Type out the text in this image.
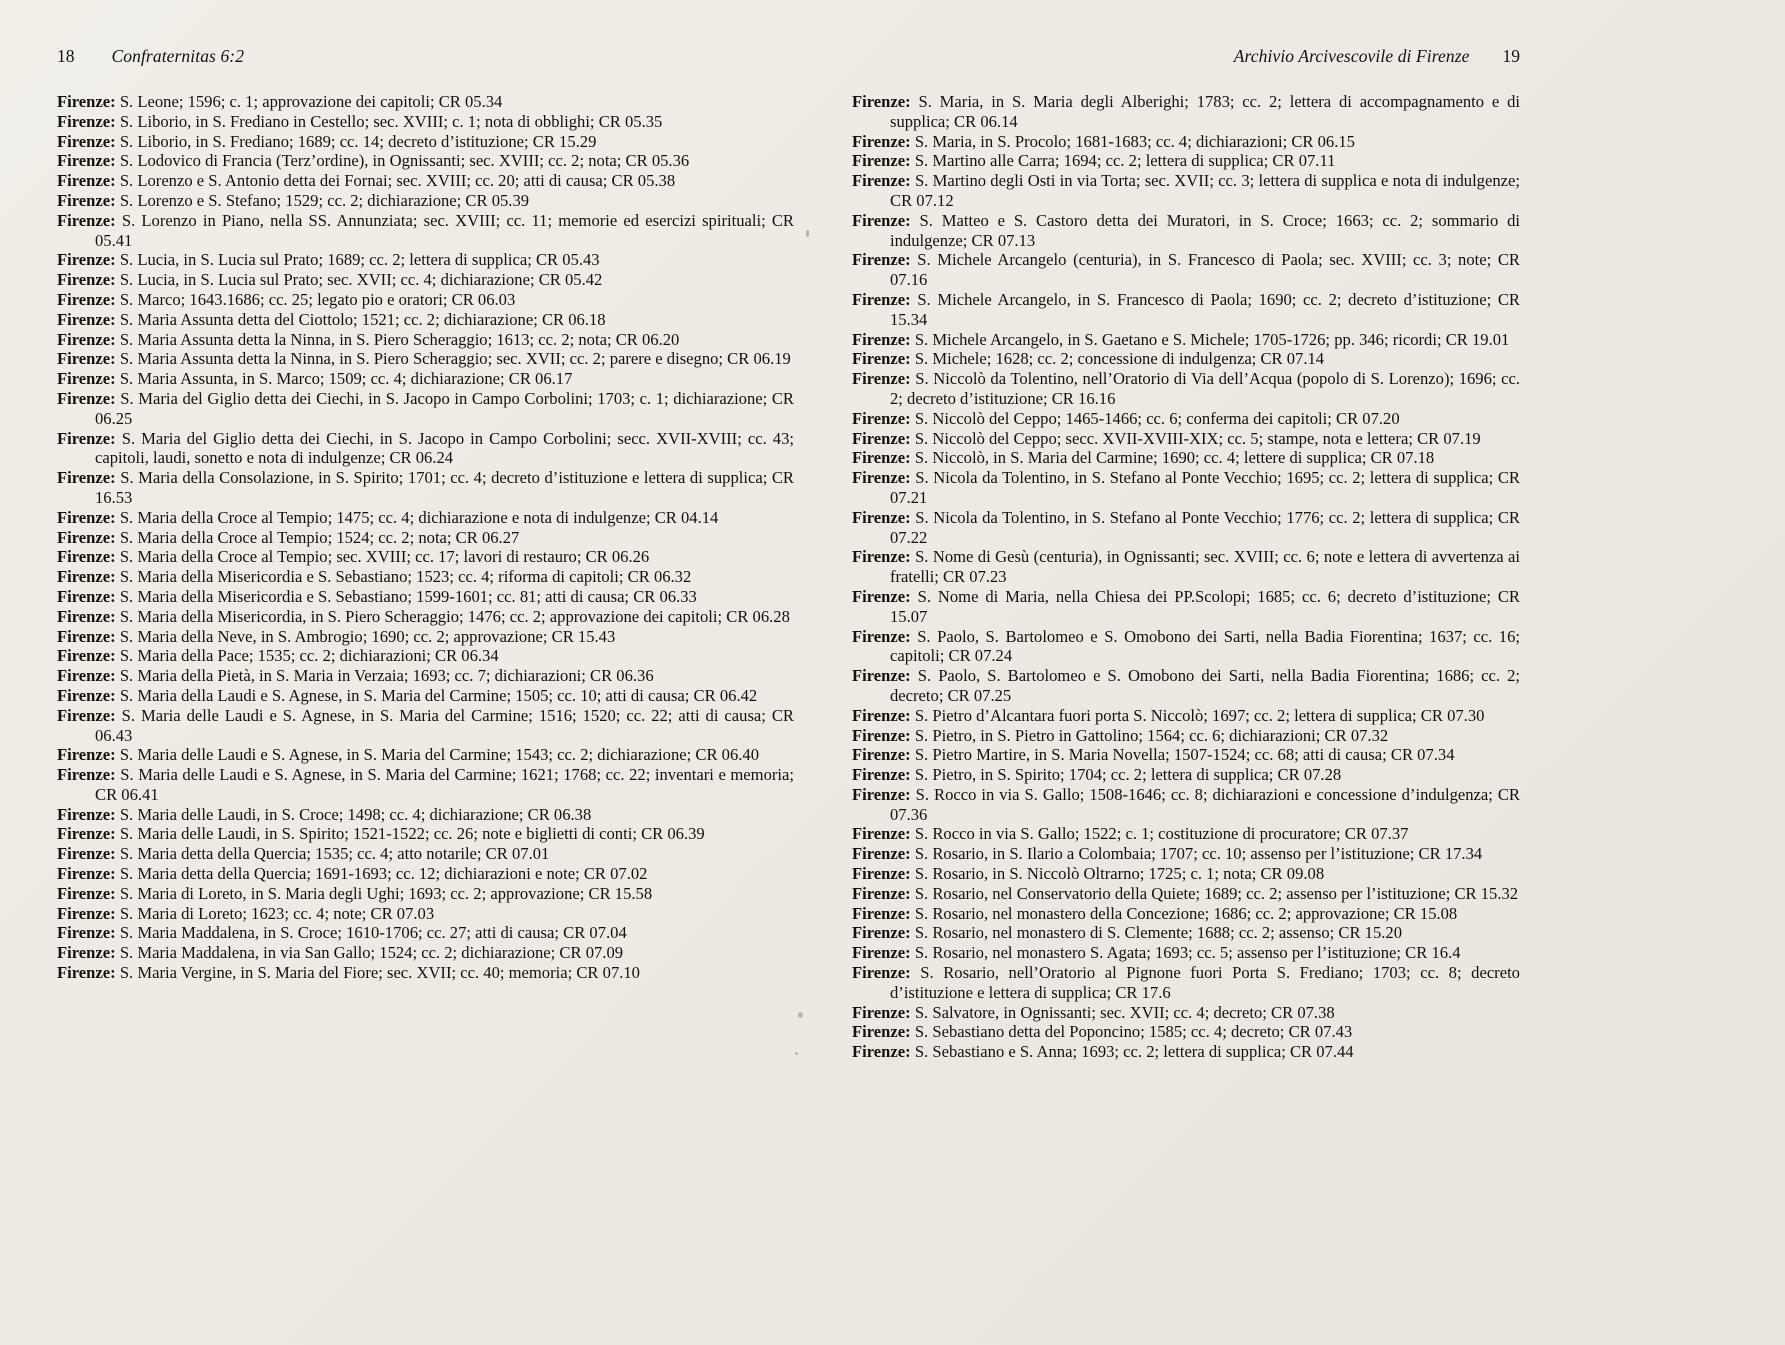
18 Confraternitas 6:2

Firenze: S. Leone; 1596; c. 1; approvazione dei capitoli; CR 05.34

Firenze: S. Liborio, in S. Frediano in Cestello; sec. XVIII; c. 1; nota di obblighi; CR 05.35

Firenze: S. Liborio, in S. Frediano; 1689; cc. 14; decreto d’istituzione; CR 15.29

Firenze: S. Lodovico di Francia (Terz’ordine), in Ognissanti; sec. XVIII; cc. 2; nota; CR 05.36

Firenze: S. Lorenzo e S. Antonio detta dei Fornai; sec. XVIII; cc. 20; atti di causa; CR 05.38

Firenze: S. Lorenzo e S. Stefano; 1529; cc. 2; dichiarazione; CR 05.39

Firenze: S. Lorenzo in Piano, nella SS. Annunziata; sec. XVIII; cc. 11; memorie ed esercizi spirituali; CR 05.41

Firenze: S. Lucia, in S. Lucia sul Prato; 1689; cc. 2; lettera di supplica; CR 05.43

Firenze: S. Lucia, in S. Lucia sul Prato; sec. XVII; cc. 4; dichiarazione; CR 05.42

Firenze: S. Marco; 1643.1686; cc. 25; legato pio e oratori; CR 06.03

Firenze: S. Maria Assunta detta del Ciottolo; 1521; cc. 2; dichiarazione; CR 06.18

Firenze: S. Maria Assunta detta la Ninna, in S. Piero Scheraggio; 1613; cc. 2; nota; CR 06.20

Firenze: S. Maria Assunta detta la Ninna, in S. Piero Scheraggio; sec. XVII; cc. 2; parere e disegno; CR 06.19

Firenze: S. Maria Assunta, in S. Marco; 1509; cc. 4; dichiarazione; CR 06.17

Firenze: S. Maria del Giglio detta dei Ciechi, in S. Jacopo in Campo Corbolini; 1703; c. 1; dichiarazione; CR 06.25

Firenze: S. Maria del Giglio detta dei Ciechi, in S. Jacopo in Campo Corbolini; secc. XVII-XVIII; cc. 43; capitoli, laudi, sonetto e nota di indulgenze; CR 06.24

Firenze: S. Maria della Consolazione, in S. Spirito; 1701; cc. 4; decreto d’istituzione e lettera di supplica; CR 16.53

Firenze: S. Maria della Croce al Tempio; 1475; cc. 4; dichiarazione e nota di indulgenze; CR 04.14

Firenze: S. Maria della Croce al Tempio; 1524; cc. 2; nota; CR 06.27

Firenze: S. Maria della Croce al Tempio; sec. XVIII; cc. 17; lavori di restauro; CR 06.26

Firenze: S. Maria della Misericordia e S. Sebastiano; 1523; cc. 4; riforma di capitoli; CR 06.32

Firenze: S. Maria della Misericordia e S. Sebastiano; 1599-1601; cc. 81; atti di causa; CR 06.33

Firenze: S. Maria della Misericordia, in S. Piero Scheraggio; 1476; cc. 2; approvazione dei capitoli; CR 06.28

Firenze: S. Maria della Neve, in S. Ambrogio; 1690; cc. 2; approvazione; CR 15.43

Firenze: S. Maria della Pace; 1535; cc. 2; dichiarazioni; CR 06.34

Firenze: S. Maria della Pietà, in S. Maria in Verzaia; 1693; cc. 7; dichiarazioni; CR 06.36

Firenze: S. Maria della Laudi e S. Agnese, in S. Maria del Carmine; 1505; cc. 10; atti di causa; CR 06.42

Firenze: S. Maria delle Laudi e S. Agnese, in S. Maria del Carmine; 1516; 1520; cc. 22; atti di causa; CR 06.43

Firenze: S. Maria delle Laudi e S. Agnese, in S. Maria del Carmine; 1543; cc. 2; dichiarazione; CR 06.40

Firenze: S. Maria delle Laudi e S. Agnese, in S. Maria del Carmine; 1621; 1768; cc. 22; inventari e memoria; CR 06.41

Firenze: S. Maria delle Laudi, in S. Croce; 1498; cc. 4; dichiarazione; CR 06.38

Firenze: S. Maria delle Laudi, in S. Spirito; 1521-1522; cc. 26; note e biglietti di conti; CR 06.39

Firenze: S. Maria detta della Quercia; 1535; cc. 4; atto notarile; CR 07.01

Firenze: S. Maria detta della Quercia; 1691-1693; cc. 12; dichiarazioni e note; CR 07.02

Firenze: S. Maria di Loreto, in S. Maria degli Ughi; 1693; cc. 2; approvazione; CR 15.58

Firenze: S. Maria di Loreto; 1623; cc. 4; note; CR 07.03

Firenze: S. Maria Maddalena, in S. Croce; 1610-1706; cc. 27; atti di causa; CR 07.04

Firenze: S. Maria Maddalena, in via San Gallo; 1524; cc. 2; dichiarazione; CR 07.09

Firenze: S. Maria Vergine, in S. Maria del Fiore; sec. XVII; cc. 40; memoria; CR 07.10

Archivio Arcivescovile di Firenze 19

Firenze: S. Maria, in S. Maria degli Alberighi; 1783; cc. 2; lettera di accompagnamento e di supplica; CR 06.14

Firenze: S. Maria, in S. Procolo; 1681-1683; cc. 4; dichiarazioni; CR 06.15

Firenze: S. Martino alle Carra; 1694; cc. 2; lettera di supplica; CR 07.11

Firenze: S. Martino degli Osti in via Torta; sec. XVII; cc. 3; lettera di supplica e nota di indulgenze; CR 07.12

Firenze: S. Matteo e S. Castoro detta dei Muratori, in S. Croce; 1663; cc. 2; sommario di indulgenze; CR 07.13

Firenze: S. Michele Arcangelo (centuria), in S. Francesco di Paola; sec. XVIII; cc. 3; note; CR 07.16

Firenze: S. Michele Arcangelo, in S. Francesco di Paola; 1690; cc. 2; decreto d’istituzione; CR 15.34

Firenze: S. Michele Arcangelo, in S. Gaetano e S. Michele; 1705-1726; pp. 346; ricordi; CR 19.01

Firenze: S. Michele; 1628; cc. 2; concessione di indulgenza; CR 07.14

Firenze: S. Niccolò da Tolentino, nell’Oratorio di Via dell’Acqua (popolo di S. Lorenzo); 1696; cc. 2; decreto d’istituzione; CR 16.16

Firenze: S. Niccolò del Ceppo; 1465-1466; cc. 6; conferma dei capitoli; CR 07.20

Firenze: S. Niccolò del Ceppo; secc. XVII-XVIII-XIX; cc. 5; stampe, nota e lettera; CR 07.19

Firenze: S. Niccolò, in S. Maria del Carmine; 1690; cc. 4; lettere di supplica; CR 07.18

Firenze: S. Nicola da Tolentino, in S. Stefano al Ponte Vecchio; 1695; cc. 2; lettera di supplica; CR 07.21

Firenze: S. Nicola da Tolentino, in S. Stefano al Ponte Vecchio; 1776; cc. 2; lettera di supplica; CR 07.22

Firenze: S. Nome di Gesù (centuria), in Ognissanti; sec. XVIII; cc. 6; note e lettera di avvertenza ai fratelli; CR 07.23

Firenze: S. Nome di Maria, nella Chiesa dei PP.Scolopi; 1685; cc. 6; decreto d’istituzione; CR 15.07

Firenze: S. Paolo, S. Bartolomeo e S. Omobono dei Sarti, nella Badia Fiorentina; 1637; cc. 16; capitoli; CR 07.24

Firenze: S. Paolo, S. Bartolomeo e S. Omobono dei Sarti, nella Badia Fiorentina; 1686; cc. 2; decreto; CR 07.25

Firenze: S. Pietro d’Alcantara fuori porta S. Niccolò; 1697; cc. 2; lettera di supplica; CR 07.30

Firenze: S. Pietro, in S. Pietro in Gattolino; 1564; cc. 6; dichiarazioni; CR 07.32

Firenze: S. Pietro Martire, in S. Maria Novella; 1507-1524; cc. 68; atti di causa; CR 07.34

Firenze: S. Pietro, in S. Spirito; 1704; cc. 2; lettera di supplica; CR 07.28

Firenze: S. Rocco in via S. Gallo; 1508-1646; cc. 8; dichiarazioni e concessione d’indulgenza; CR 07.36

Firenze: S. Rocco in via S. Gallo; 1522; c. 1; costituzione di procuratore; CR 07.37

Firenze: S. Rosario, in S. Ilario a Colombaia; 1707; cc. 10; assenso per l’istituzione; CR 17.34

Firenze: S. Rosario, in S. Niccolò Oltrarno; 1725; c. 1; nota; CR 09.08

Firenze: S. Rosario, nel Conservatorio della Quiete; 1689; cc. 2; assenso per l’istituzione; CR 15.32

Firenze: S. Rosario, nel monastero della Concezione; 1686; cc. 2; approvazione; CR 15.08

Firenze: S. Rosario, nel monastero di S. Clemente; 1688; cc. 2; assenso; CR 15.20

Firenze: S. Rosario, nel monastero S. Agata; 1693; cc. 5; assenso per l’istituzione; CR 16.4

Firenze: S. Rosario, nell’Oratorio al Pignone fuori Porta S. Frediano; 1703; cc. 8; decreto d’istituzione e lettera di supplica; CR 17.6

Firenze: S. Salvatore, in Ognissanti; sec. XVII; cc. 4; decreto; CR 07.38

Firenze: S. Sebastiano detta del Poponcino; 1585; cc. 4; decreto; CR 07.43

Firenze: S. Sebastiano e S. Anna; 1693; cc. 2; lettera di supplica; CR 07.44
